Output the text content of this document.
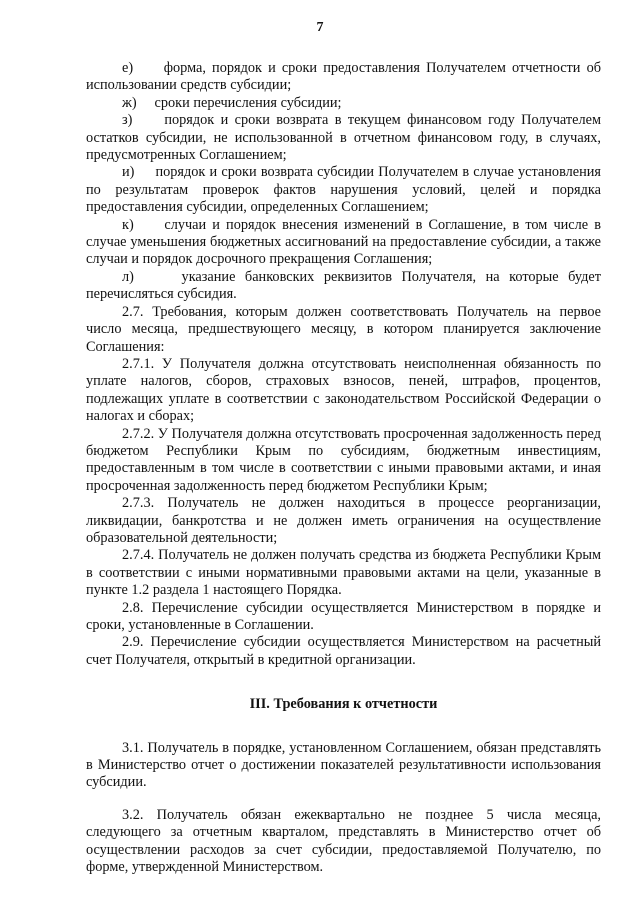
7

е) форма, порядок и сроки предоставления Получателем отчетности об использовании средств субсидии;

ж) сроки перечисления субсидии;

з) порядок и сроки возврата в текущем финансовом году Получателем остатков субсидии, не использованной в отчетном финансовом году, в случаях, предусмотренных Соглашением;

и) порядок и сроки возврата субсидии Получателем в случае установления по результатам проверок фактов нарушения условий, целей и порядка предоставления субсидии, определенных Соглашением;

к) случаи и порядок внесения изменений в Соглашение, в том числе в случае уменьшения бюджетных ассигнований на предоставление субсидии, а также случаи и порядок досрочного прекращения Соглашения;

л)	указание банковских реквизитов Получателя, на которые будет перечисляться субсидия.

2.7. Требования, которым должен соответствовать Получатель на первое число месяца, предшествующего месяцу, в котором планируется заключение Соглашения:

2.7.1. У Получателя должна отсутствовать неисполненная обязанность по уплате налогов, сборов, страховых взносов, пеней, штрафов, процентов, подлежащих уплате в соответствии с законодательством Российской Федерации о налогах и сборах;

2.7.2. У Получателя должна отсутствовать просроченная задолженность перед бюджетом Республики Крым по субсидиям, бюджетным инвестициям, предоставленным в том числе в соответствии с иными правовыми актами, и иная просроченная задолженность перед бюджетом Республики Крым;

2.7.3. Получатель не должен находиться в процессе реорганизации, ликвидации, банкротства и не должен иметь ограничения на осуществление образовательной деятельности;

2.7.4. Получатель не должен получать средства из бюджета Республики Крым в соответствии с иными нормативными правовыми актами на цели, указанные в пункте 1.2 раздела 1 настоящего Порядка.

2.8. Перечисление субсидии осуществляется Министерством в порядке и сроки, установленные в Соглашении.

2.9. Перечисление субсидии осуществляется Министерством на расчетный счет Получателя, открытый в кредитной организации.

III. Требования к отчетности

3.1. Получатель в порядке, установленном Соглашением, обязан представлять в Министерство отчет о достижении показателей результативности использования субсидии.

3.2. Получатель обязан ежеквартально не позднее 5 числа месяца, следующего за отчетным кварталом, представлять в Министерство отчет об осуществлении расходов за счет субсидии, предоставляемой Получателю, по форме, утвержденной Министерством.
